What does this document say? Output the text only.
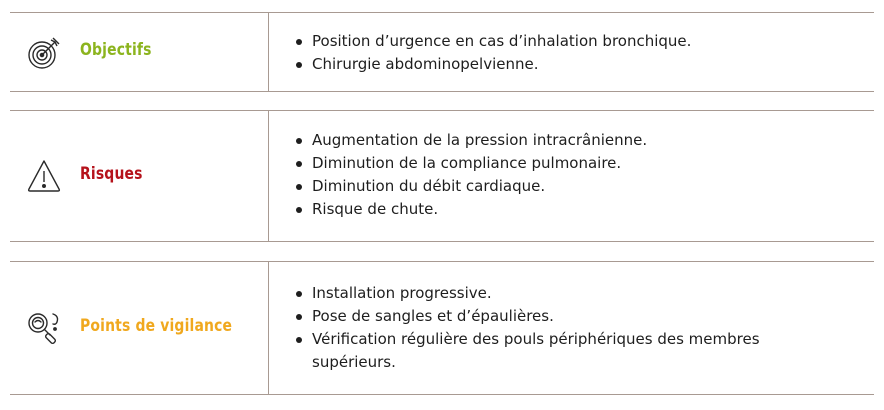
Objectifs	Position d’urgence en cas d’inhalation bronchique.
Chirurgie abdominopelvienne.
Risques
Augmentation de la pression intracrânienne.
Diminution de la compliance pulmonaire.
Diminution du débit cardiaque.
Risque de chute.
Points de vigilance
Installation progressive.
Pose de sangles et d’épaulières.
Vérification régulière des pouls périphériques des membres supérieurs.
